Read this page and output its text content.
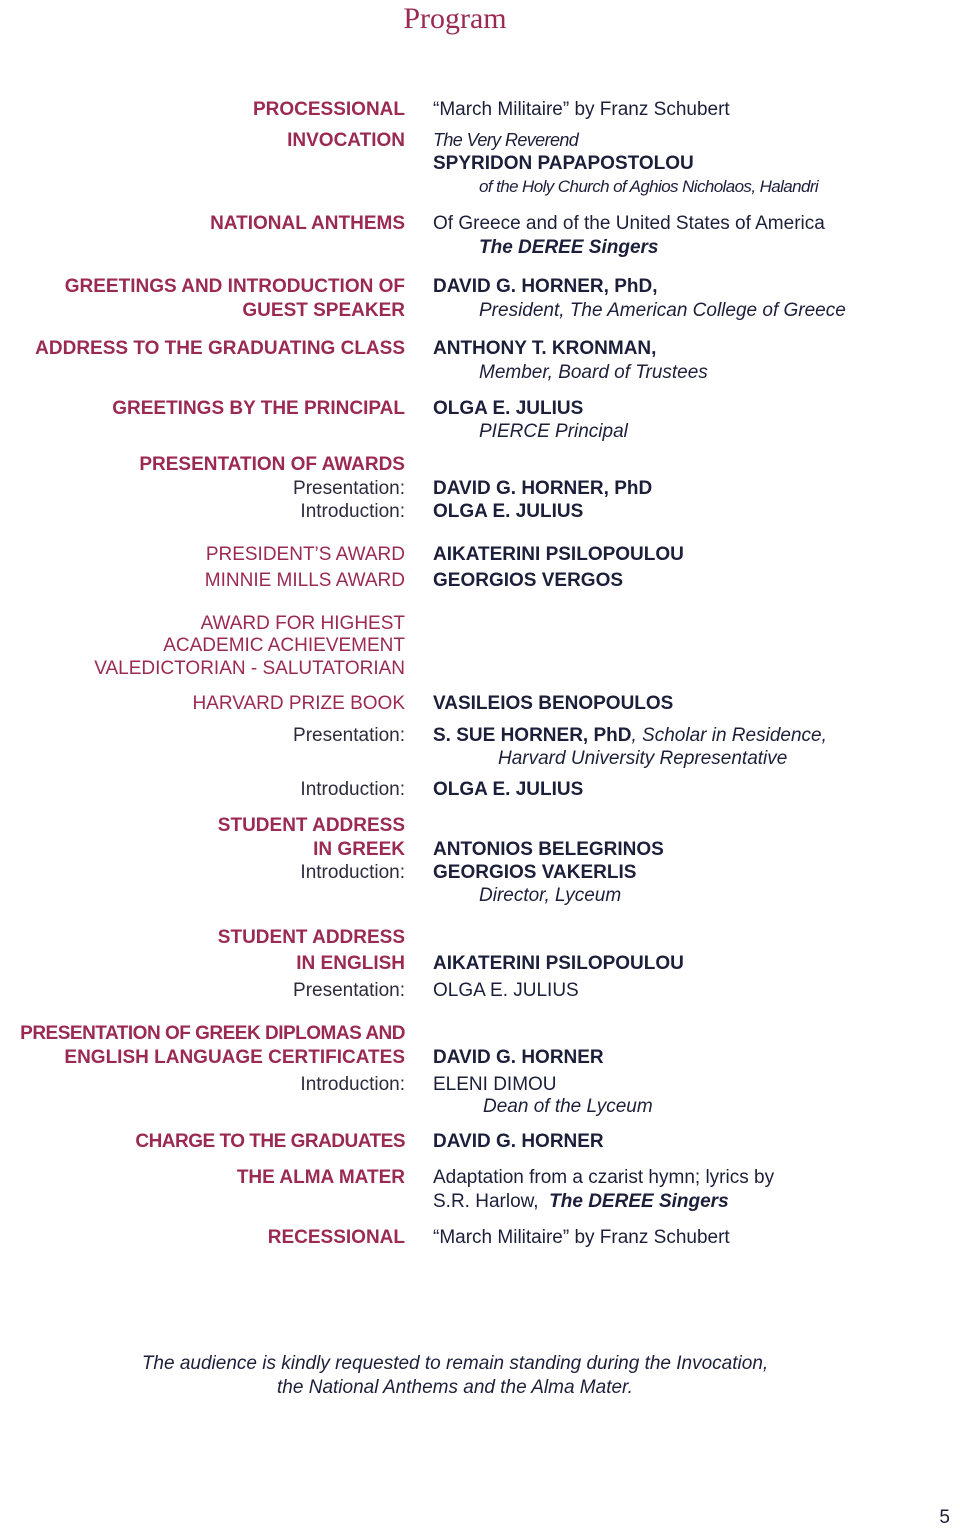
Program
PROCESSIONAL
INVOCATION
NATIONAL ANTHEMS
GREETINGS AND INTRODUCTION OF
GUEST SPEAKER
ADDRESS TO THE GRADUATING CLASS
GREETINGS BY THE PRINCIPAL
PRESENTATION OF AWARDS
Presentation:
Introduction:
PRESIDENT’S AWARD
MINNIE MILLS AWARD
AWARD FOR HIGHEST
ACADEMIC ACHIEVEMENT
VALEDICTORIAN - SALUTATORIAN
HARVARD PRIZE BOOK
Presentation:
Introduction:
STUDENT ADDRESS
IN GREEK
Introduction:
STUDENT ADDRESS
IN ENGLISH
Presentation:
PRESENTATION OF GREEK DIPLOMAS AND
ENGLISH LANGUAGE CERTIFICATES
Introduction:
CHARGE TO THE GRADUATES
THE ALMA MATER
RECESSIONAL
“March Militaire” by Franz Schubert
The Very Reverend
SPYRIDON PAPAPOSTOLOU
of the Holy Church of Aghios Nicholaos, Halandri
Of Greece and of the United States of America
The DEREE Singers
DAVID G. HORNER, PhD,
President, The American College of Greece
ANTHONY T. KRONMAN,
Member, Board of Trustees
OLGA E. JULIUS
PIERCE Principal
DAVID G. HORNER, PhD
OLGA E. JULIUS
AIKATERINI PSILOPOULOU
GEORGIOS VERGOS
VASILEIOS BENOPOULOS
S. SUE HORNER, PhD, Scholar in Residence,
Harvard University Representative
OLGA E. JULIUS
ANTONIOS BELEGRINOS
GEORGIOS VAKERLIS
Director, Lyceum
AIKATERINI PSILOPOULOU
OLGA E. JULIUS
DAVID G. HORNER
ELENI DIMOU
Dean of the Lyceum
DAVID G. HORNER
Adaptation from a czarist hymn; lyrics by
S.R. Harlow, The DEREE Singers
“March Militaire” by Franz Schubert
The audience is kindly requested to remain standing during the Invocation,
the National Anthems and the Alma Mater.
5
